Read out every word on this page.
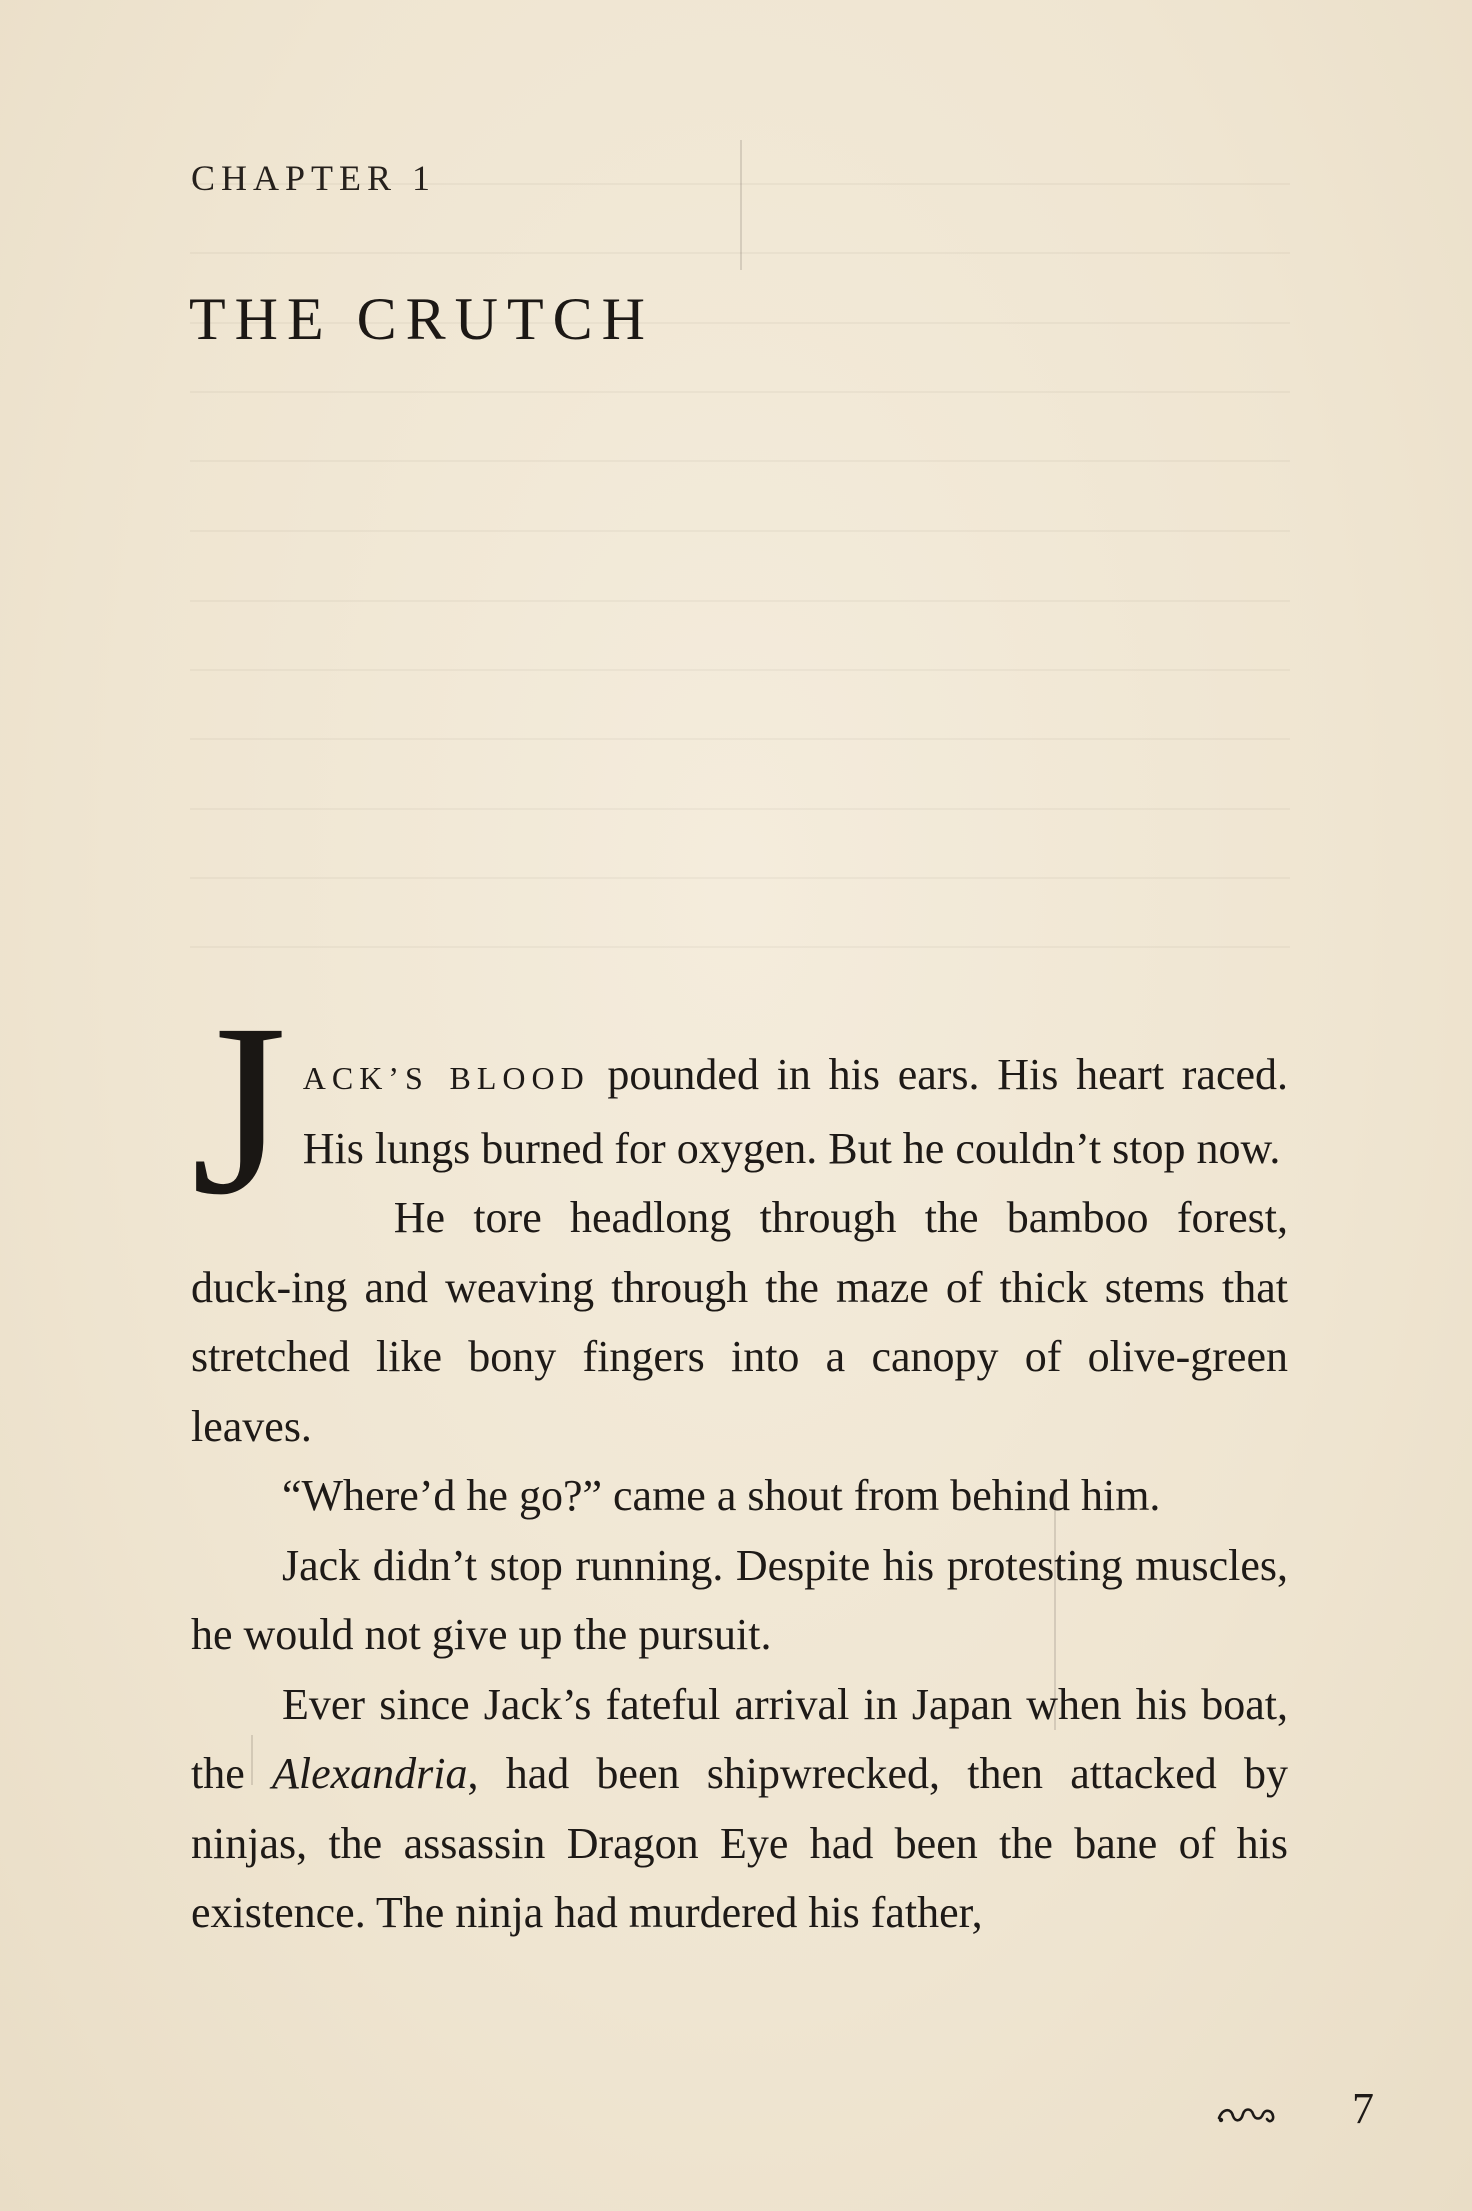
CHAPTER 1
THE CRUTCH

JACK’S BLOOD pounded in his ears. His heart raced. His lungs burned for oxygen. But he couldn’t stop now.

He tore headlong through the bamboo forest, duck-ing and weaving through the maze of thick stems that stretched like bony fingers into a canopy of olive-green leaves.

“Where’d he go?” came a shout from behind him.

Jack didn’t stop running. Despite his protesting muscles, he would not give up the pursuit.

Ever since Jack’s fateful arrival in Japan when his boat, the Alexandria, had been shipwrecked, then attacked by ninjas, the assassin Dragon Eye had been the bane of his existence. The ninja had murdered his father,

7
